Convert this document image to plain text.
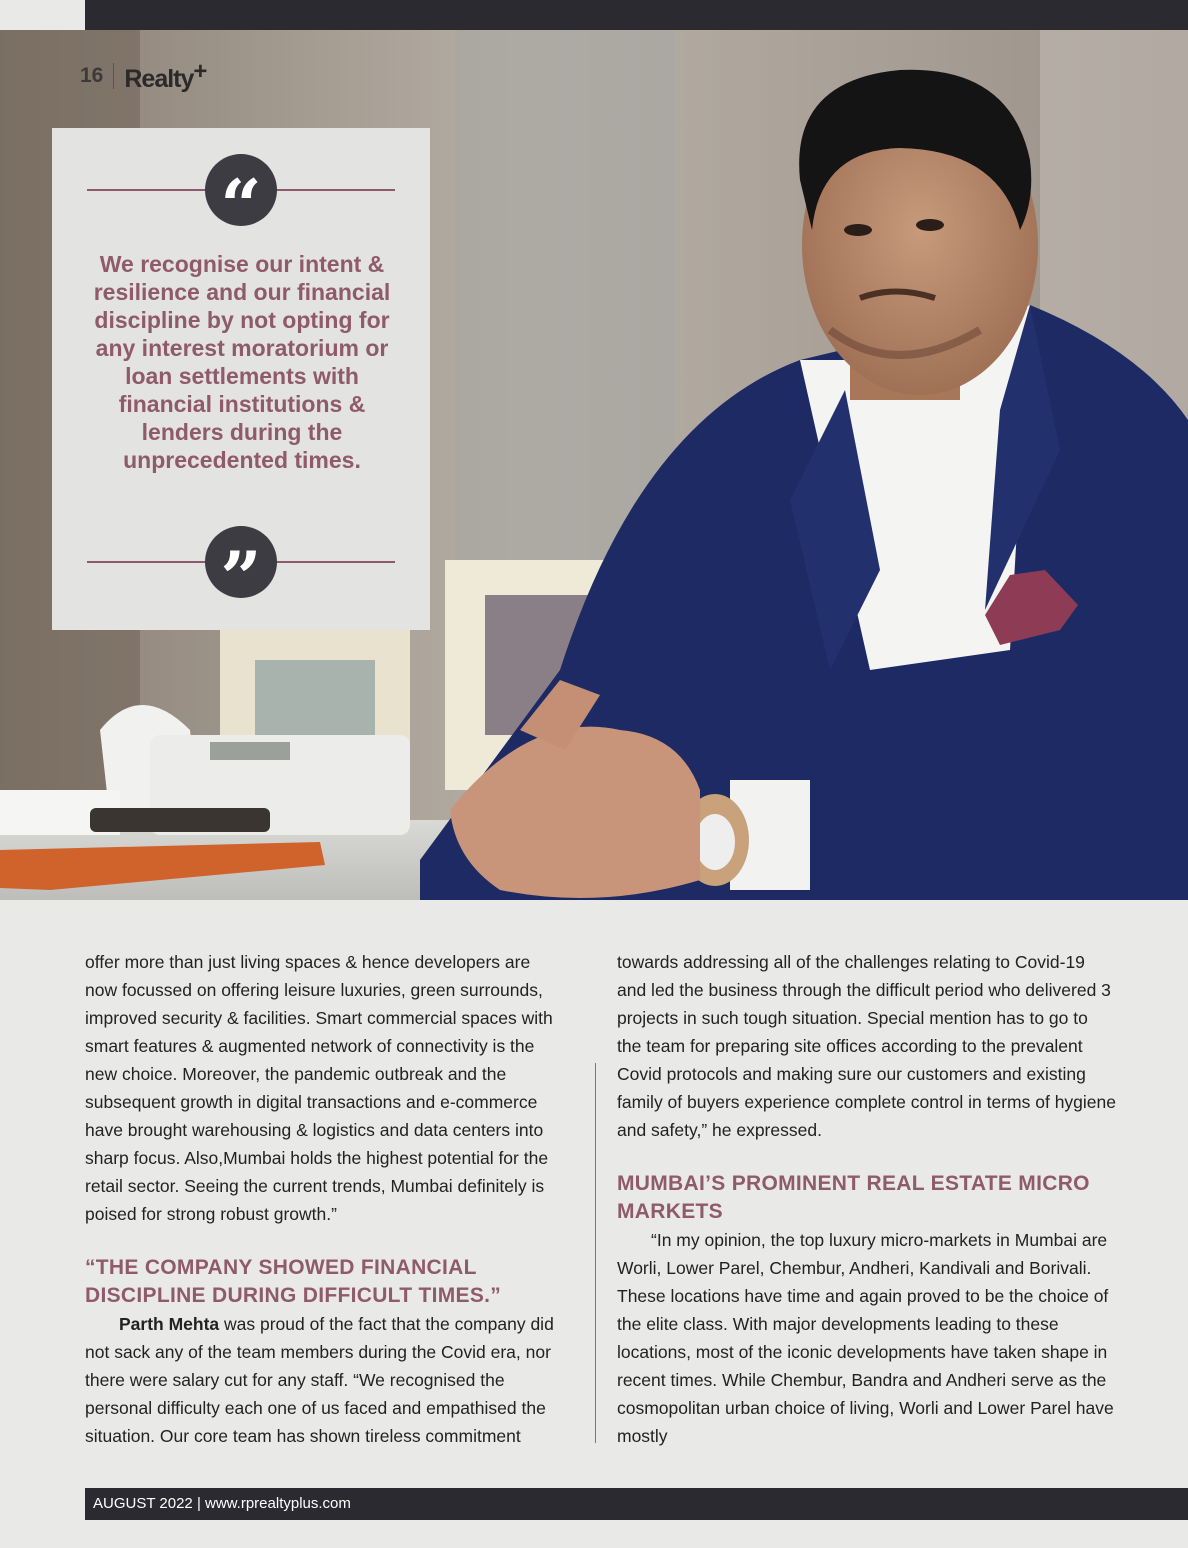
16 Realty+
“
We recognise our intent & resilience and our financial discipline by not opting for any interest moratorium or loan settlements with financial institutions & lenders during the unprecedented times.
”

offer more than just living spaces & hence developers are now focussed on offering leisure luxuries, green surrounds, improved security & facilities. Smart commercial spaces with smart features & augmented network of connectivity is the new choice. Moreover, the pandemic outbreak and the subsequent growth in digital transactions and e-commerce have brought warehousing & logistics and data centers into sharp focus. Also,Mumbai holds the highest potential for the retail sector. Seeing the current trends, Mumbai definitely is poised for strong robust growth.”

“THE COMPANY SHOWED FINANCIAL DISCIPLINE DURING DIFFICULT TIMES.”

Parth Mehta was proud of the fact that the company did not sack any of the team members during the Covid era, nor there were salary cut for any staff. “We recognised the personal difficulty each one of us faced and empathised the situation. Our core team has shown tireless commitment

towards addressing all of the challenges relating to Covid-19 and led the business through the difficult period who delivered 3 projects in such tough situation. Special mention has to go to the team for preparing site offices according to the prevalent Covid protocols and making sure our customers and existing family of buyers experience complete control in terms of hygiene and safety,” he expressed.

MUMBAI’S PROMINENT REAL ESTATE MICRO MARKETS

“In my opinion, the top luxury micro-markets in Mumbai are Worli, Lower Parel, Chembur, Andheri, Kandivali and Borivali. These locations have time and again proved to be the choice of the elite class. With major developments leading to these locations, most of the iconic developments have taken shape in recent times. While Chembur, Bandra and Andheri serve as the cosmopolitan urban choice of living, Worli and Lower Parel have mostly

AUGUST 2022 | www.rprealtyplus.com
